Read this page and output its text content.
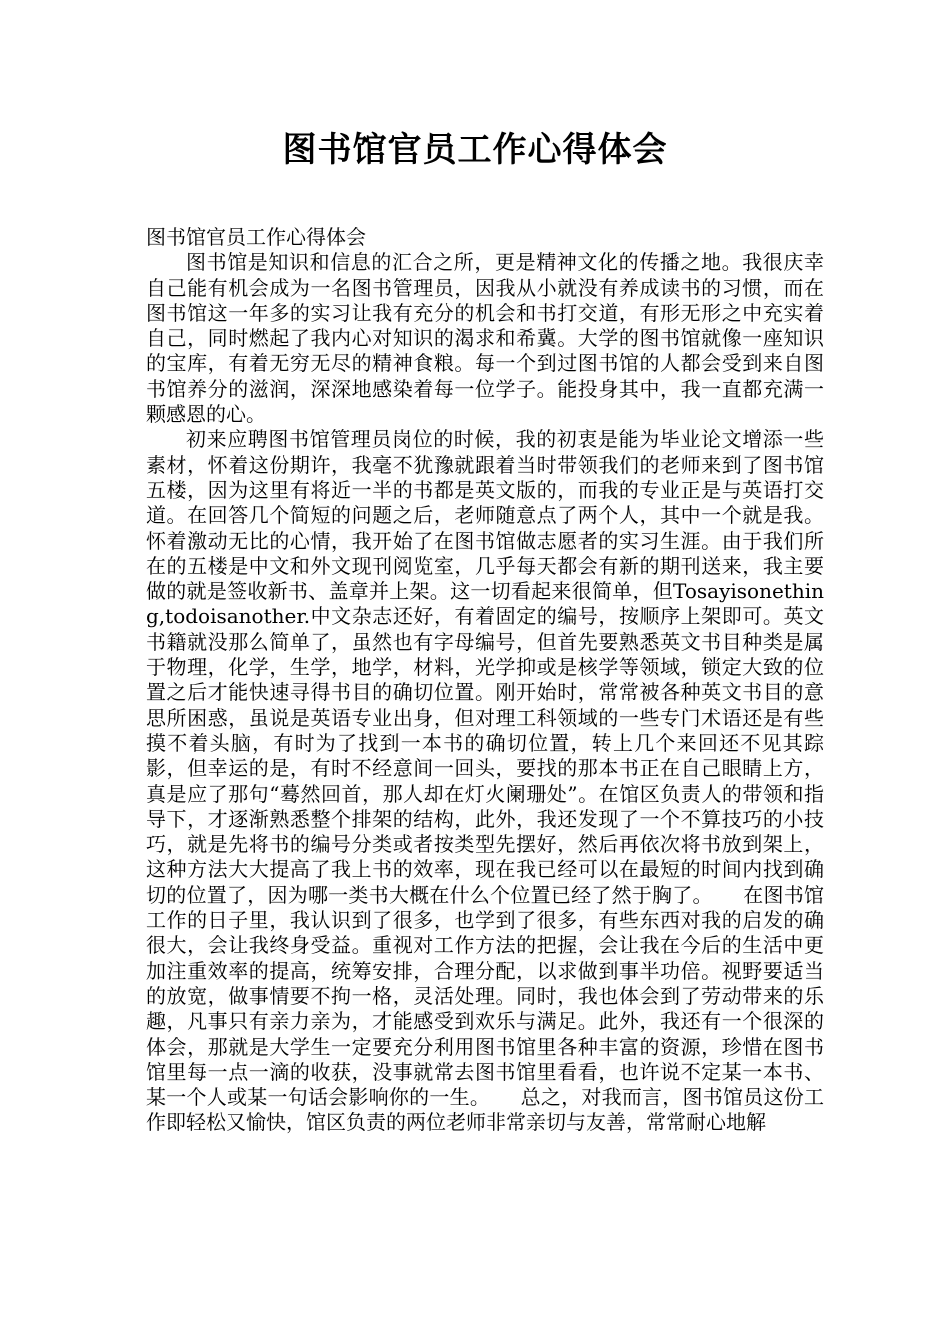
图书馆官员工作心得体会

图书馆官员工作心得体会

图书馆是知识和信息的汇合之所，更是精神文化的传播之地。我很庆幸自己能有机会成为一名图书管理员，因我从小就没有养成读书的习惯，而在图书馆这一年多的实习让我有充分的机会和书打交道，有形无形之中充实着自己，同时燃起了我内心对知识的渴求和希冀。大学的图书馆就像一座知识的宝库，有着无穷无尽的精神食粮。每一个到过图书馆的人都会受到来自图书馆养分的滋润，深深地感染着每一位学子。能投身其中，我一直都充满一颗感恩的心。

初来应聘图书馆管理员岗位的时候，我的初衷是能为毕业论文增添一些素材，怀着这份期许，我毫不犹豫就跟着当时带领我们的老师来到了图书馆五楼，因为这里有将近一半的书都是英文版的，而我的专业正是与英语打交道。在回答几个简短的问题之后，老师随意点了两个人，其中一个就是我。怀着激动无比的心情，我开始了在图书馆做志愿者的实习生涯。由于我们所在的五楼是中文和外文现刊阅览室，几乎每天都会有新的期刊送来，我主要做的就是签收新书、盖章并上架。这一切看起来很简单，但Tosayisonething,todoisanother.中文杂志还好，有着固定的编号，按顺序上架即可。英文书籍就没那么简单了，虽然也有字母编号，但首先要熟悉英文书目种类是属于物理，化学，生学，地学，材料，光学抑或是核学等领域，锁定大致的位置之后才能快速寻得书目的确切位置。刚开始时，常常被各种英文书目的意思所困惑，虽说是英语专业出身，但对理工科领域的一些专门术语还是有些摸不着头脑，有时为了找到一本书的确切位置，转上几个来回还不见其踪影，但幸运的是，有时不经意间一回头，要找的那本书正在自己眼睛上方，真是应了那句“蓦然回首，那人却在灯火阑珊处”。在馆区负责人的带领和指导下，才逐渐熟悉整个排架的结构，此外，我还发现了一个不算技巧的小技巧，就是先将书的编号分类或者按类型先摆好，然后再依次将书放到架上，这种方法大大提高了我上书的效率，现在我已经可以在最短的时间内找到确切的位置了，因为哪一类书大概在什么个位置已经了然于胸了。　　在图书馆工作的日子里，我认识到了很多，也学到了很多，有些东西对我的启发的确很大，会让我终身受益。重视对工作方法的把握，会让我在今后的生活中更加注重效率的提高，统筹安排，合理分配，以求做到事半功倍。视野要适当的放宽，做事情要不拘一格，灵活处理。同时，我也体会到了劳动带来的乐趣，凡事只有亲力亲为，才能感受到欢乐与满足。此外，我还有一个很深的体会，那就是大学生一定要充分利用图书馆里各种丰富的资源，珍惜在图书馆里每一点一滴的收获，没事就常去图书馆里看看，也许说不定某一本书、某一个人或某一句话会影响你的一生。　　总之，对我而言，图书馆员这份工作即轻松又愉快，馆区负责的两位老师非常亲切与友善，常常耐心地解
